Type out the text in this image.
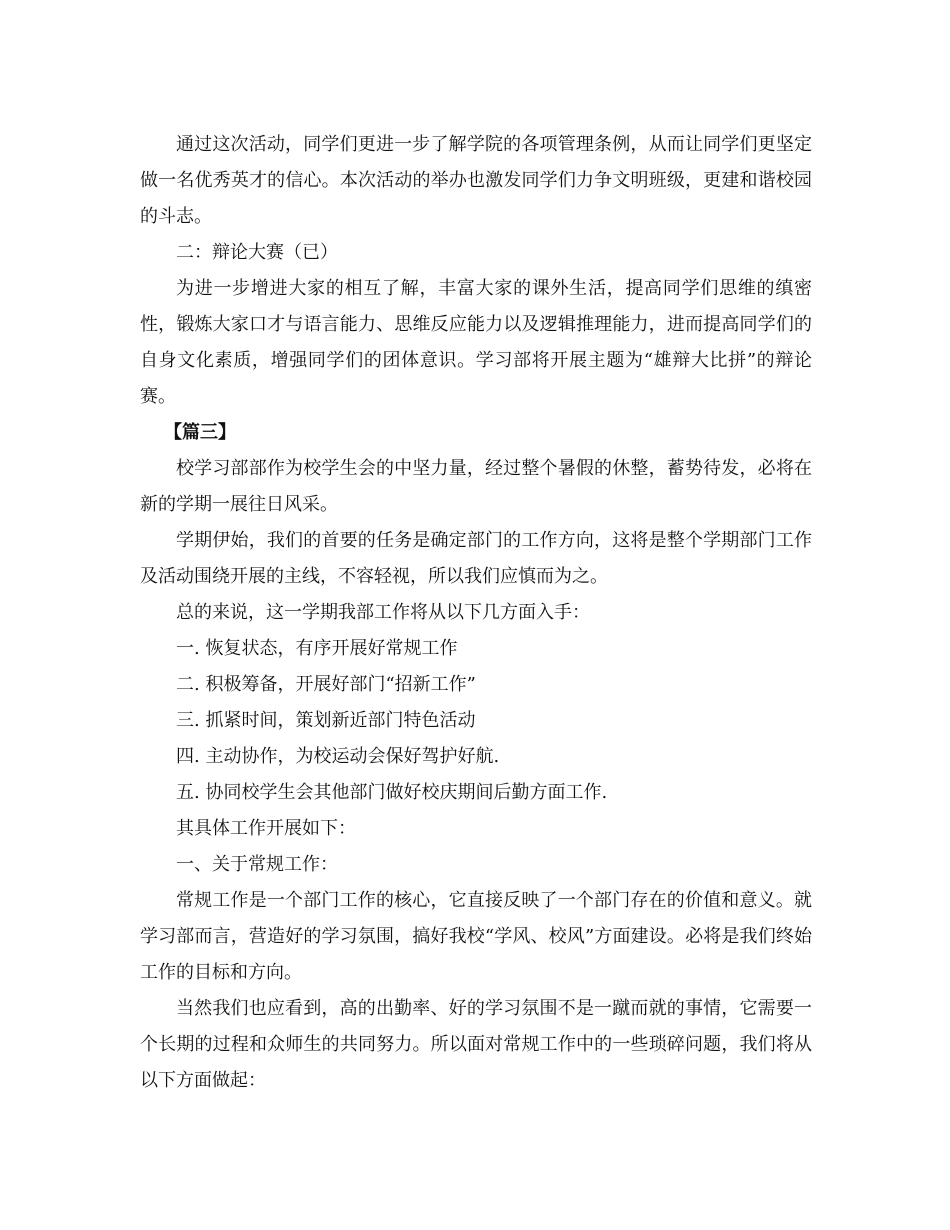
通过这次活动，同学们更进一步了解学院的各项管理条例，从而让同学们更坚定做一名优秀英才的信心。本次活动的举办也激发同学们力争文明班级，更建和谐校园的斗志。

二：辩论大赛（已）

为进一步增进大家的相互了解，丰富大家的课外生活，提高同学们思维的缜密性，锻炼大家口才与语言能力、思维反应能力以及逻辑推理能力，进而提高同学们的自身文化素质，增强同学们的团体意识。学习部将开展主题为“雄辩大比拼”的辩论赛。

【篇三】

校学习部部作为校学生会的中坚力量，经过整个暑假的休整，蓄势待发，必将在新的学期一展往日风采。

学期伊始，我们的首要的任务是确定部门的工作方向，这将是整个学期部门工作及活动围绕开展的主线，不容轻视，所以我们应慎而为之。

总的来说，这一学期我部工作将从以下几方面入手：

一. 恢复状态，有序开展好常规工作

二. 积极筹备，开展好部门“招新工作”

三. 抓紧时间，策划新近部门特色活动

四. 主动协作，为校运动会保好驾护好航.

五. 协同校学生会其他部门做好校庆期间后勤方面工作.

其具体工作开展如下：

一、关于常规工作：

常规工作是一个部门工作的核心，它直接反映了一个部门存在的价值和意义。就学习部而言，营造好的学习氛围，搞好我校“学风、校风”方面建设。必将是我们终始工作的目标和方向。

当然我们也应看到，高的出勤率、好的学习氛围不是一蹴而就的事情，它需要一个长期的过程和众师生的共同努力。所以面对常规工作中的一些琐碎问题，我们将从以下方面做起：
